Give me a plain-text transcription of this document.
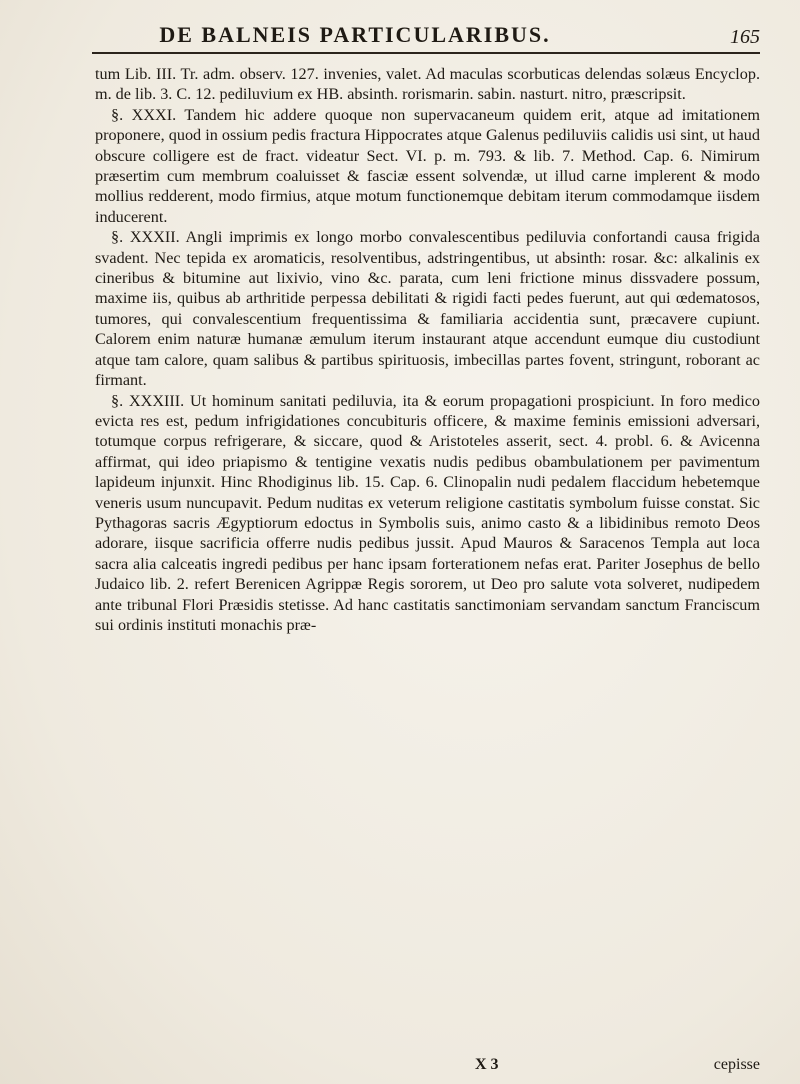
DE BALNEIS PARTICULARIBUS.	165

tum Lib. III. Tr. adm. observ. 127. invenies, valet. Ad maculas scorbuticas delendas solæus Encyclop. m. de lib. 3. C. 12. pediluvium ex HB. absinth. rorismarin. sabin. nasturt. nitro, præscripsit.

§. XXXI. Tandem hic addere quoque non supervacaneum quidem erit, atque ad imitationem proponere, quod in ossium pedis fractura Hippocrates atque Galenus pediluviis calidis usi sint, ut haud obscure colligere est de fract. videatur Sect. VI. p. m. 793. & lib. 7. Method. Cap. 6. Nimirum præsertim cum membrum coaluisset & fasciæ essent solvendæ, ut illud carne implerent & modo mollius redderent, modo firmius, atque motum functionemque debitam iterum commodamque iisdem inducerent.

§. XXXII. Angli imprimis ex longo morbo convalescentibus pediluvia confortandi causa frigida svadent. Nec tepida ex aromaticis, resolventibus, adstringentibus, ut absinth: rosar. &c: alkalinis ex cineribus & bitumine aut lixivio, vino &c. parata, cum leni frictione minus dissvadere possum, maxime iis, quibus ab arthritide perpessa debilitati & rigidi facti pedes fuerunt, aut qui œdematosos, tumores, qui convalescentium frequentissima & familiaria accidentia sunt, præcavere cupiunt. Calorem enim naturæ humanæ æmulum iterum instaurant atque accendunt eumque diu custodiunt atque tam calore, quam salibus & partibus spirituosis, imbecillas partes fovent, stringunt, roborant ac firmant.

§. XXXIII. Ut hominum sanitati pediluvia, ita & eorum propagationi prospiciunt. In foro medico evicta res est, pedum infrigidationes concubituris officere, & maxime feminis emissioni adversari, totumque corpus refrigerare, & siccare, quod & Aristoteles asserit, sect. 4. probl. 6. & Avicenna affirmat, qui ideo priapismo & tentigine vexatis nudis pedibus obambulationem per pavimentum lapideum injunxit. Hinc Rhodiginus lib. 15. Cap. 6. Clinopalin nudi pedalem flaccidum hebetemque veneris usum nuncupavit. Pedum nuditas ex veterum religione castitatis symbolum fuisse constat. Sic Pythagoras sacris Ægyptiorum edoctus in Symbolis suis, animo casto & a libidinibus remoto Deos adorare, iisque sacrificia offerre nudis pedibus jussit. Apud Mauros & Saracenos Templa aut loca sacra alia calceatis ingredi pedibus per hanc ipsam forterationem nefas erat. Pariter Josephus de bello Judaico lib. 2. refert Berenicen Agrippæ Regis sororem, ut Deo pro salute vota solveret, nudipedem ante tribunal Flori Præsidis stetisse. Ad hanc castitatis sanctimoniam servandam sanctum Franciscum sui ordinis instituti monachis præ-

X 3	cepisse
